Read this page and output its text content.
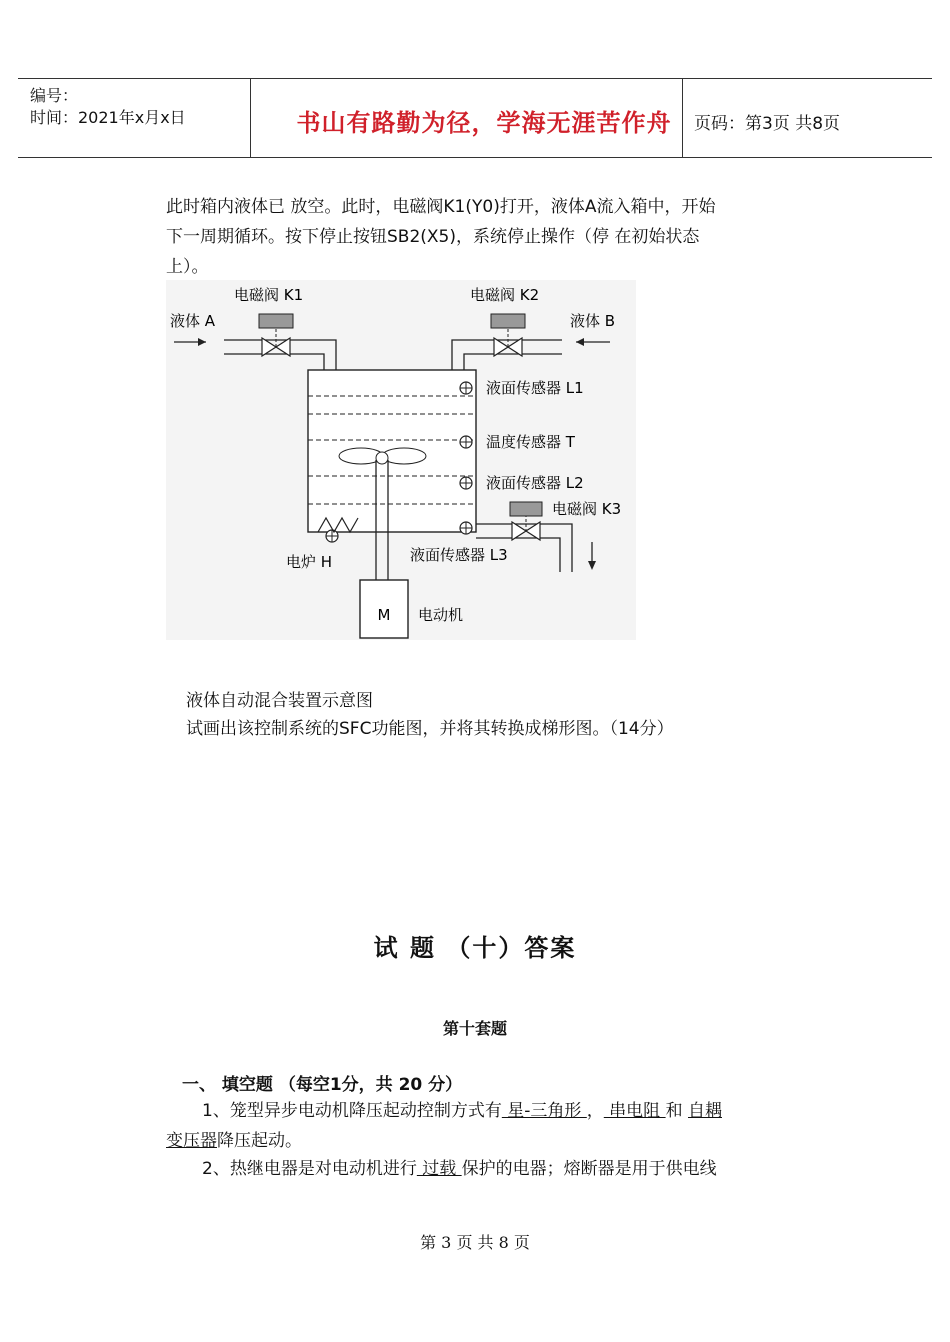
编号：
时间：2021年x月x日	书山有路勤为径，学海无涯苦作舟	页码：第3页 共8页
此时箱内液体已 放空。此时，电磁阀K1(Y0)打开，液体A流入箱中，开始
下一周期循环。按下停止按钮SB2(X5)，系统停止操作（停 在初始状态
上）。
电磁阀 K1	电磁阀 K2
液体 A	液体 B
液面传感器 L1
温度传感器 T
液面传感器 L2
电磁阀 K3
液面传感器 L3
电炉 H
M 电动机
液体自动混合装置示意图
试画出该控制系统的SFC功能图，并将其转换成梯形图。（14分）
试 题 （十）答案
第十套题
一、 填空题 （每空1分，共 20 分）
1、笼型异步电动机降压起动控制方式有 星-三角形 ， 串电阻 和 自耦
变压器降压起动。
2、热继电器是对电动机进行 过载 保护的电器；熔断器是用于供电线
第 3 页 共 8 页
